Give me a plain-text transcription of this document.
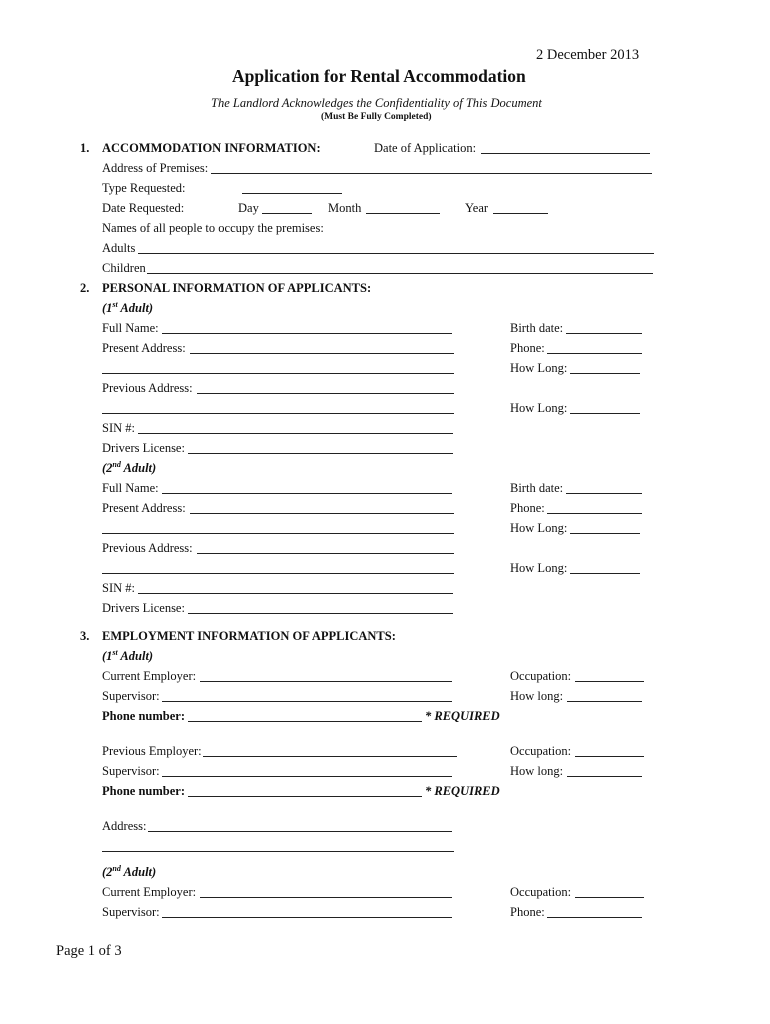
2 December 2013
Application for Rental Accommodation
The Landlord Acknowledges the Confidentiality of This Document
(Must Be Fully Completed)
1. ACCOMMODATION INFORMATION:	Date of Application:
Address of Premises:
Type Requested:
Date Requested:	Day	Month	Year
Names of all people to occupy the premises:
Adults
Children
2. PERSONAL INFORMATION OF APPLICANTS:
(1st Adult)
Full Name:	Birth date:
Present Address:	Phone:
How Long:
Previous Address:
How Long:
SIN #:
Drivers License:
(2nd Adult)
Full Name:	Birth date:
Present Address:	Phone:
How Long:
Previous Address:
How Long:
SIN #:
Drivers License:
3. EMPLOYMENT INFORMATION OF APPLICANTS:
(1st Adult)
Current Employer:	Occupation:
Supervisor:	How long:
Phone number:	* REQUIRED
Previous Employer:	Occupation:
Supervisor:	How long:
Phone number:	* REQUIRED
Address:
(2nd Adult)
Current Employer:	Occupation:
Supervisor:	Phone:
Page 1 of 3
